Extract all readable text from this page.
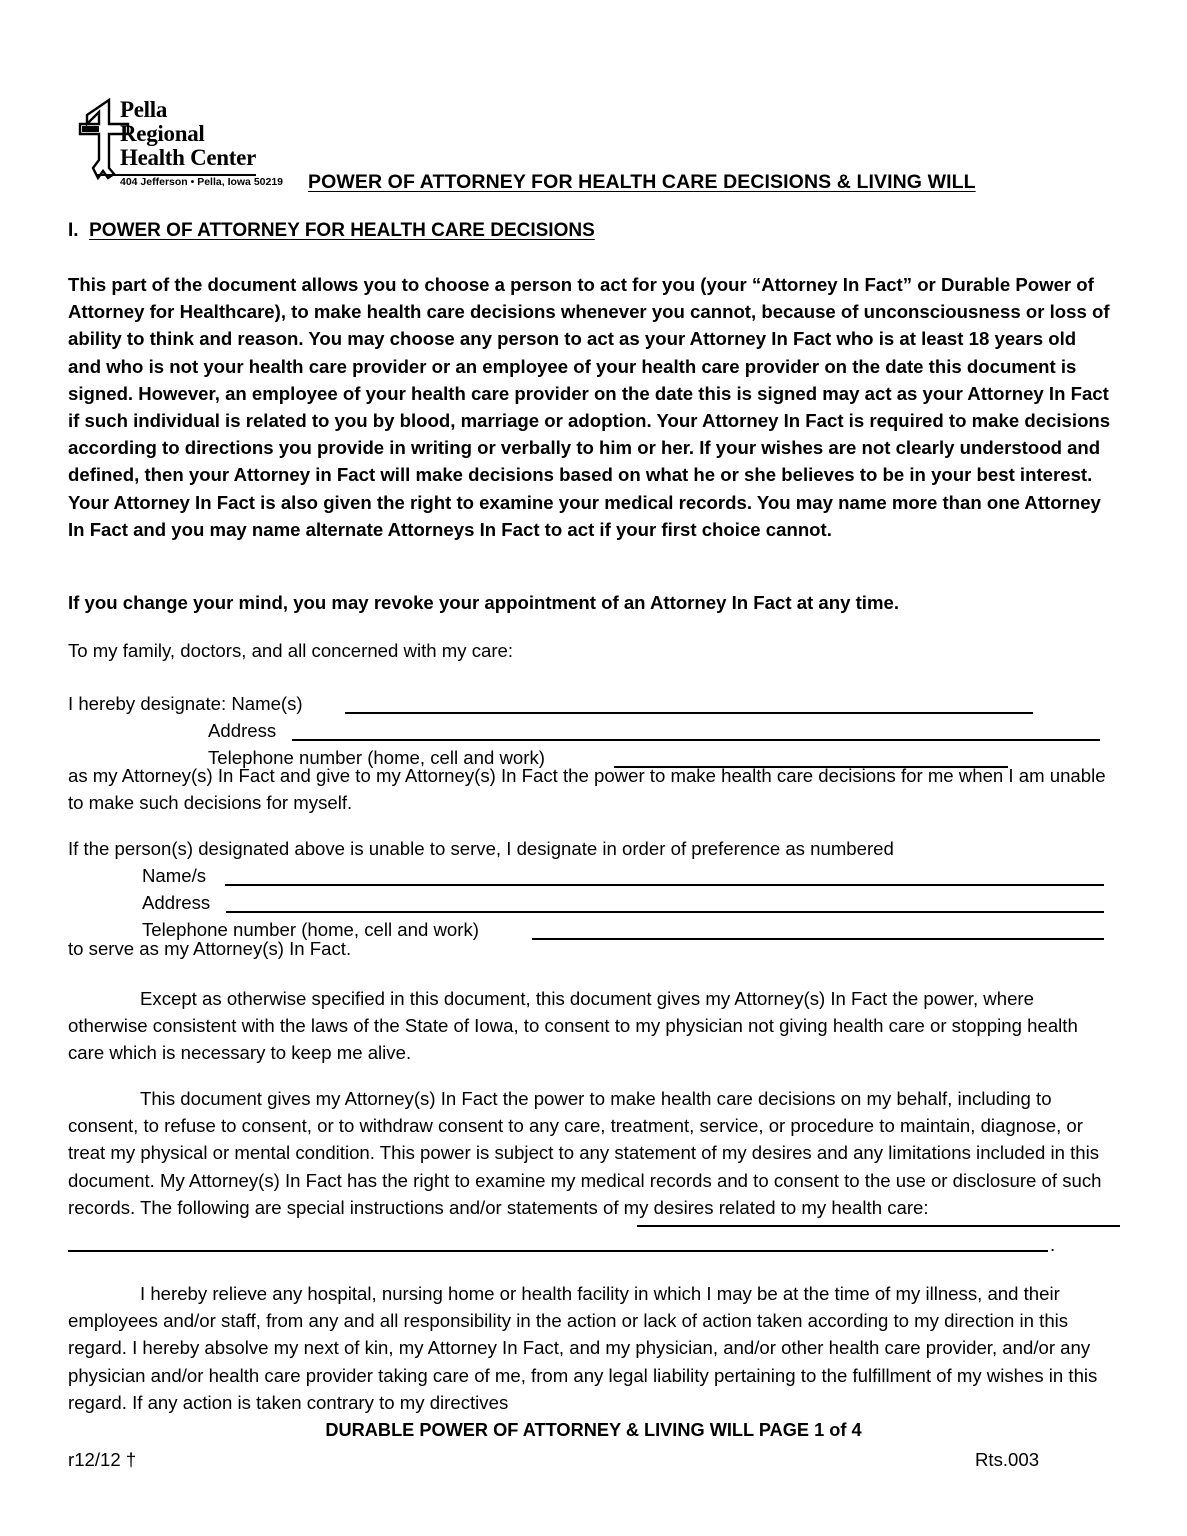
Pella
Regional
Health Center
404 Jefferson • Pella, Iowa 50219	POWER OF ATTORNEY FOR HEALTH CARE DECISIONS & LIVING WILL
I. POWER OF ATTORNEY FOR HEALTH CARE DECISIONS

This part of the document allows you to choose a person to act for you (your “Attorney In Fact” or Durable Power of Attorney for Healthcare), to make health care decisions whenever you cannot, because of unconsciousness or loss of ability to think and reason. You may choose any person to act as your Attorney In Fact who is at least 18 years old and who is not your health care provider or an employee of your health care provider on the date this document is signed. However, an employee of your health care provider on the date this is signed may act as your Attorney In Fact if such individual is related to you by blood, marriage or adoption. Your Attorney In Fact is required to make decisions according to directions you provide in writing or verbally to him or her. If your wishes are not clearly understood and defined, then your Attorney in Fact will make decisions based on what he or she believes to be in your best interest. Your Attorney In Fact is also given the right to examine your medical records. You may name more than one Attorney In Fact and you may name alternate Attorneys In Fact to act if your first choice cannot.

If you change your mind, you may revoke your appointment of an Attorney In Fact at any time.

To my family, doctors, and all concerned with my care:

I hereby designate: Name(s)
Address
Telephone number (home, cell and work)

as my Attorney(s) In Fact and give to my Attorney(s) In Fact the power to make health care decisions for me when I am unable to make such decisions for myself.

If the person(s) designated above is unable to serve, I designate in order of preference as numbered

Name/s
Address
Telephone number (home, cell and work)

to serve as my Attorney(s) In Fact.

Except as otherwise specified in this document, this document gives my Attorney(s) In Fact the power, where otherwise consistent with the laws of the State of Iowa, to consent to my physician not giving health care or stopping health care which is necessary to keep me alive.

This document gives my Attorney(s) In Fact the power to make health care decisions on my behalf, including to consent, to refuse to consent, or to withdraw consent to any care, treatment, service, or procedure to maintain, diagnose, or treat my physical or mental condition. This power is subject to any statement of my desires and any limitations included in this document. My Attorney(s) In Fact has the right to examine my medical records and to consent to the use or disclosure of such records. The following are special instructions and/or statements of my desires related to my health care:

.

I hereby relieve any hospital, nursing home or health facility in which I may be at the time of my illness, and their employees and/or staff, from any and all responsibility in the action or lack of action taken according to my direction in this regard. I hereby absolve my next of kin, my Attorney In Fact, and my physician, and/or other health care provider, and/or any physician and/or health care provider taking care of me, from any legal liability pertaining to the fulfillment of my wishes in this regard. If any action is taken contrary to my directives

DURABLE POWER OF ATTORNEY & LIVING WILL PAGE 1 of 4
r12/12 †	Rts.003
